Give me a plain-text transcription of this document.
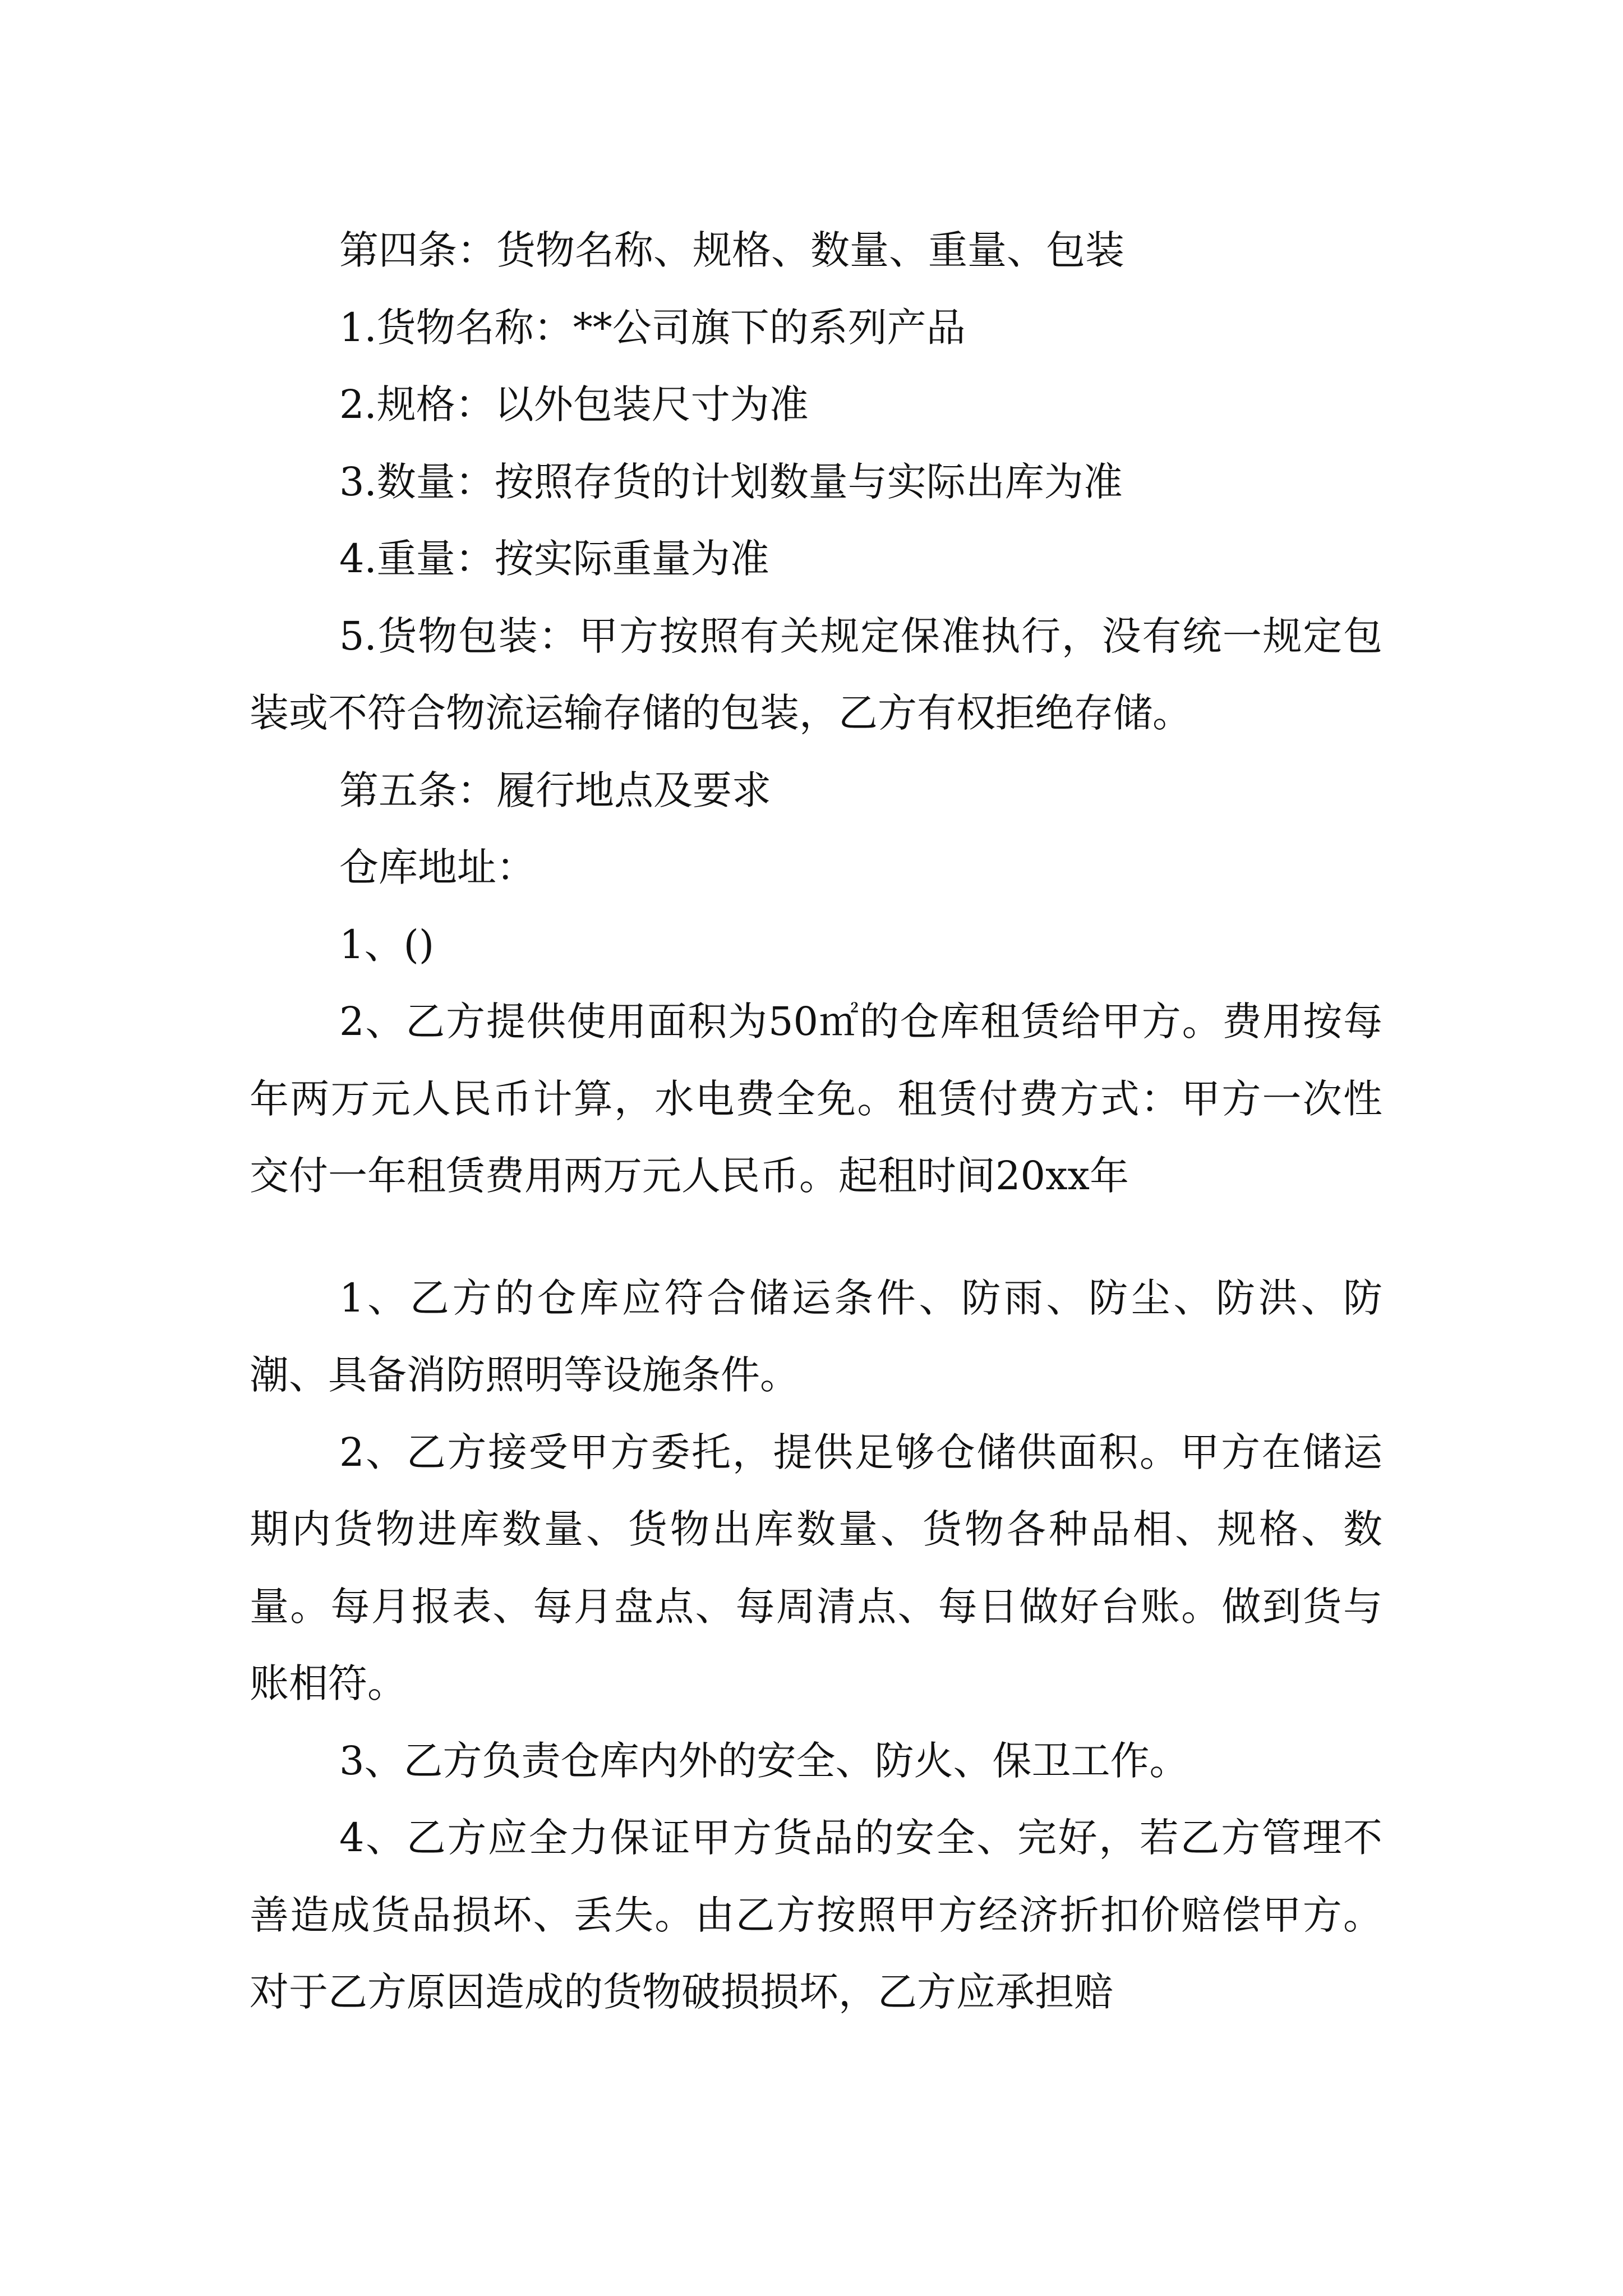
第四条：货物名称、规格、数量、重量、包装

1.货物名称：**公司旗下的系列产品

2.规格：以外包装尺寸为准

3.数量：按照存货的计划数量与实际出库为准

4.重量：按实际重量为准

5.货物包装：甲方按照有关规定保准执行，没有统一规定包装或不符合物流运输存储的包装，乙方有权拒绝存储。

第五条：履行地点及要求

仓库地址：

1、()

2、乙方提供使用面积为50㎡的仓库租赁给甲方。费用按每年两万元人民币计算，水电费全免。租赁付费方式：甲方一次性交付一年租赁费用两万元人民币。起租时间20xx年

1、乙方的仓库应符合储运条件、防雨、防尘、防洪、防潮、具备消防照明等设施条件。

2、乙方接受甲方委托，提供足够仓储供面积。甲方在储运期内货物进库数量、货物出库数量、货物各种品相、规格、数量。每月报表、每月盘点、每周清点、每日做好台账。做到货与账相符。

3、乙方负责仓库内外的安全、防火、保卫工作。

4、乙方应全力保证甲方货品的安全、完好，若乙方管理不善造成货品损坏、丢失。由乙方按照甲方经济折扣价赔偿甲方。对于乙方原因造成的货物破损损坏，乙方应承担赔
